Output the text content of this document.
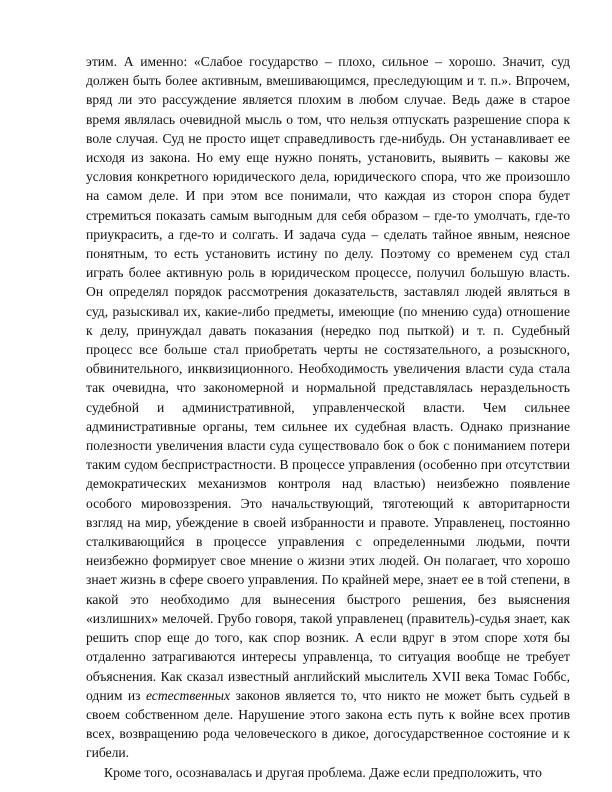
этим. А именно: «Слабое государство – плохо, сильное – хорошо. Значит, суд должен быть более активным, вмешивающимся, преследующим и т. п.». Впрочем, вряд ли это рассуждение является плохим в любом случае. Ведь даже в старое время являлась очевидной мысль о том, что нельзя отпускать разрешение спора к воле случая. Суд не просто ищет справедливость где-нибудь. Он устанавливает ее исходя из закона. Но ему еще нужно понять, установить, выявить – каковы же условия конкретного юридического дела, юридического спора, что же произошло на самом деле. И при этом все понимали, что каждая из сторон спора будет стремиться показать самым выгодным для себя образом – где-то умолчать, где-то приукрасить, а где-то и солгать. И задача суда – сделать тайное явным, неясное понятным, то есть установить истину по делу. Поэтому со временем суд стал играть более активную роль в юридическом процессе, получил большую власть. Он определял порядок рассмотрения доказательств, заставлял людей являться в суд, разыскивал их, какие-либо предметы, имеющие (по мнению суда) отношение к делу, принуждал давать показания (нередко под пыткой) и т. п. Судебный процесс все больше стал приобретать черты не состязательного, а розыскного, обвинительного, инквизиционного. Необходимость увеличения власти суда стала так очевидна, что закономерной и нормальной представлялась нераздельность судебной и административной, управленческой власти. Чем сильнее административные органы, тем сильнее их судебная власть. Однако признание полезности увеличения власти суда существовало бок о бок с пониманием потери таким судом беспристрастности. В процессе управления (особенно при отсутствии демократических механизмов контроля над властью) неизбежно появление особого мировоззрения. Это начальствующий, тяготеющий к авторитарности взгляд на мир, убеждение в своей избранности и правоте. Управленец, постоянно сталкивающийся в процессе управления с определенными людьми, почти неизбежно формирует свое мнение о жизни этих людей. Он полагает, что хорошо знает жизнь в сфере своего управления. По крайней мере, знает ее в той степени, в какой это необходимо для вынесения быстрого решения, без выяснения «излишних» мелочей. Грубо говоря, такой управленец (правитель)-судья знает, как решить спор еще до того, как спор возник. А если вдруг в этом споре хотя бы отдаленно затрагиваются интересы управленца, то ситуация вообще не требует объяснения. Как сказал известный английский мыслитель XVII века Томас Гоббс, одним из естественных законов является то, что никто не может быть судьей в своем собственном деле. Нарушение этого закона есть путь к войне всех против всех, возвращению рода человеческого в дикое, догосударственное состояние и к гибели.

Кроме того, осознавалась и другая проблема. Даже если предположить, что
